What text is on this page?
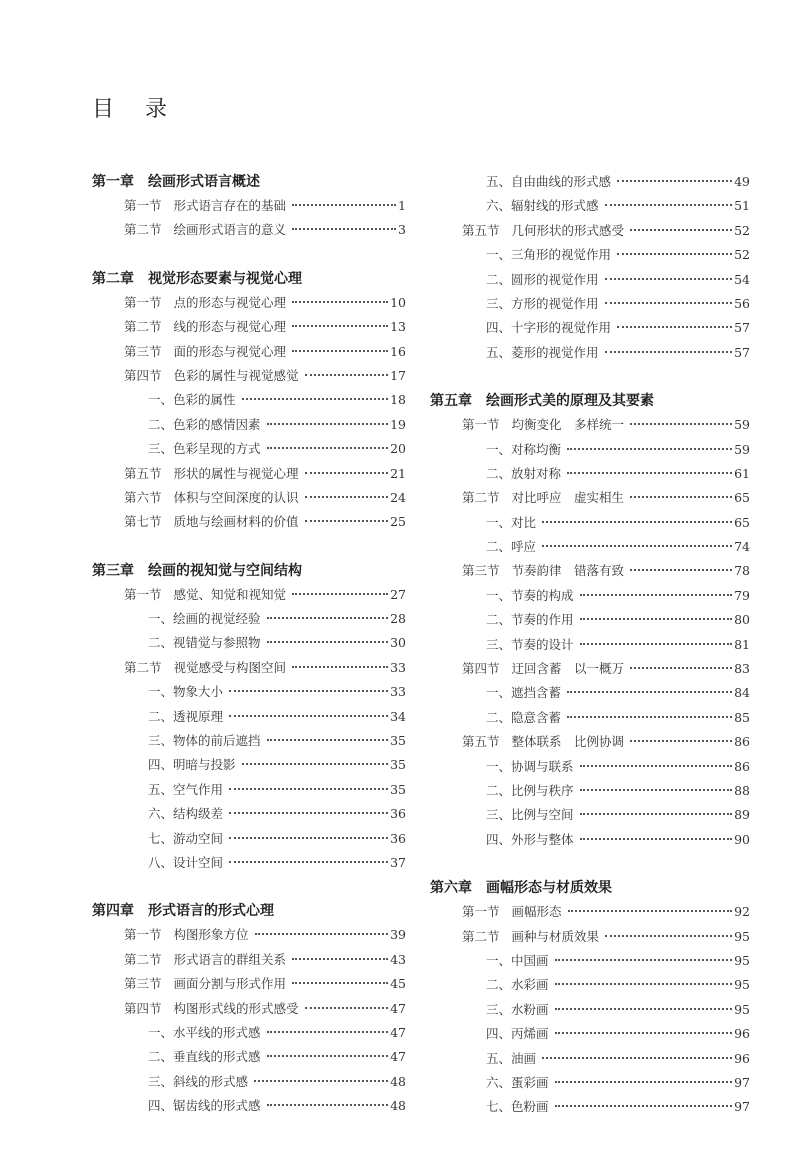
目 录
第一章　绘画形式语言概述
第一节 形式语言存在的基础	1
第二节 绘画形式语言的意义	3
第二章　视觉形态要素与视觉心理
第一节 点的形态与视觉心理	10
第二节 线的形态与视觉心理	13
第三节 面的形态与视觉心理	16
第四节 色彩的属性与视觉感觉	17
一、色彩的属性	18
二、色彩的感情因素	19
三、色彩呈现的方式	20
第五节 形状的属性与视觉心理	21
第六节 体积与空间深度的认识	24
第七节 质地与绘画材料的价值	25
第三章　绘画的视知觉与空间结构
第一节 感觉、知觉和视知觉	27
一、绘画的视觉经验	28
二、视错觉与参照物	30
第二节 视觉感受与构图空间	33
一、物象大小	33
二、透视原理	34
三、物体的前后遮挡	35
四、明暗与投影	35
五、空气作用	35
六、结构级差	36
七、游动空间	36
八、设计空间	37
第四章　形式语言的形式心理
第一节 构图形象方位	39
第二节 形式语言的群组关系	43
第三节 画面分割与形式作用	45
第四节 构图形式线的形式感受	47
一、水平线的形式感	47
二、垂直线的形式感	47
三、斜线的形式感	48
四、锯齿线的形式感	48
五、自由曲线的形式感	49
六、辐射线的形式感	51
第五节 几何形状的形式感受	52
一、三角形的视觉作用	52
二、圆形的视觉作用	54
三、方形的视觉作用	56
四、十字形的视觉作用	57
五、菱形的视觉作用	57
第五章　绘画形式美的原理及其要素
第一节 均衡变化　多样统一	59
一、对称均衡	59
二、放射对称	61
第二节 对比呼应　虚实相生	65
一、对比	65
二、呼应	74
第三节 节奏韵律　错落有致	78
一、节奏的构成	79
二、节奏的作用	80
三、节奏的设计	81
第四节 迂回含蓄　以一概万	83
一、遮挡含蓄	84
二、隐意含蓄	85
第五节 整体联系　比例协调	86
一、协调与联系	86
二、比例与秩序	88
三、比例与空间	89
四、外形与整体	90
第六章　画幅形态与材质效果
第一节 画幅形态	92
第二节 画种与材质效果	95
一、中国画	95
二、水彩画	95
三、水粉画	95
四、丙烯画	96
五、油画	96
六、蛋彩画	97
七、色粉画	97
